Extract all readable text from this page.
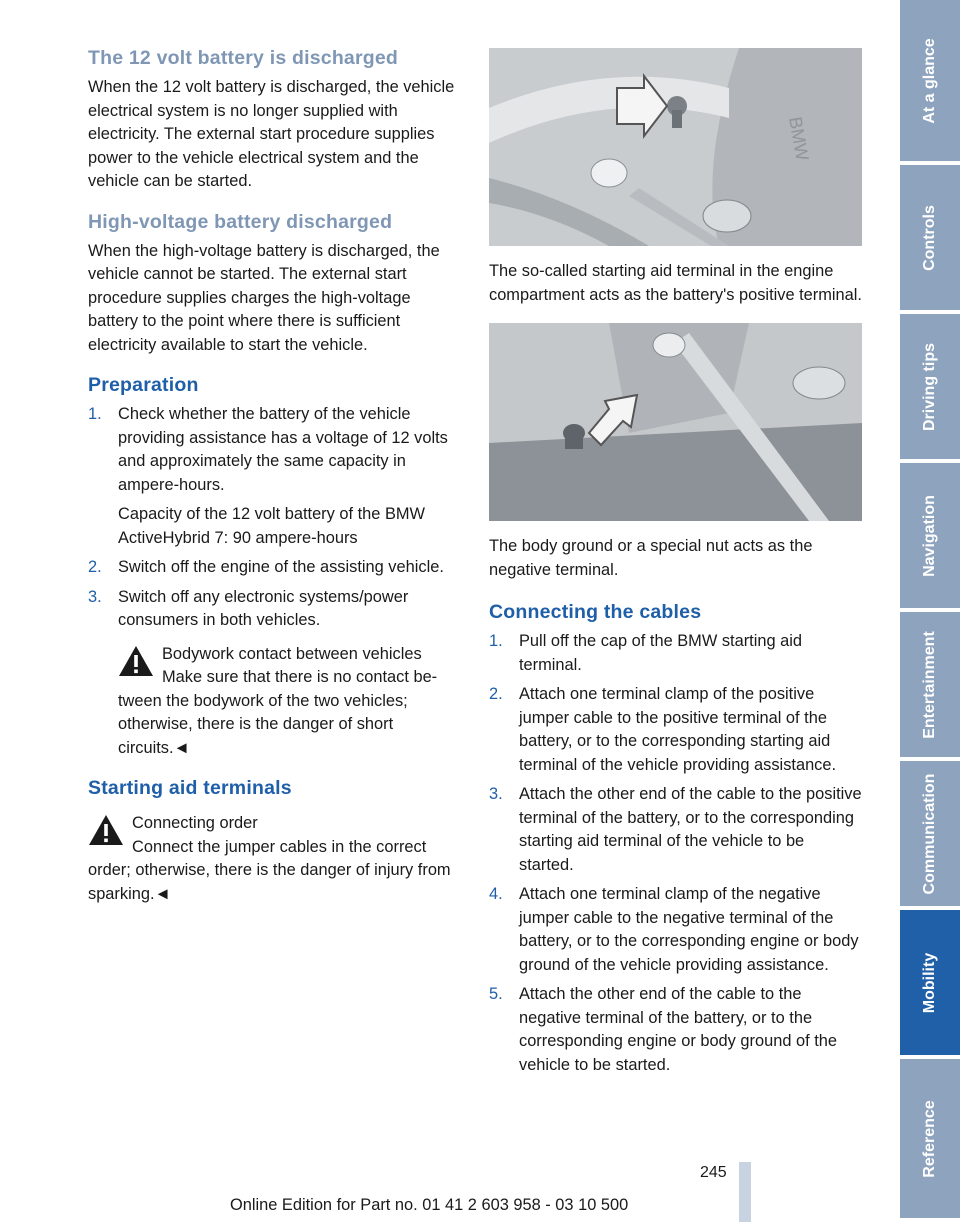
The 12 volt battery is discharged

When the 12 volt battery is discharged, the vehicle electrical system is no longer supplied with electricity. The external start procedure supplies power to the vehicle electrical system and the vehicle can be started.

High-voltage battery discharged

When the high-voltage battery is discharged, the vehicle cannot be started. The external start procedure supplies charges the high-voltage battery to the point where there is sufficient electricity available to start the vehicle.

Preparation
1. Check whether the battery of the vehicle providing assistance has a voltage of 12 volts and approximately the same capacity in ampere-hours.

Capacity of the 12 volt battery of the BMW ActiveHybrid 7: 90 ampere-hours

2. Switch off the engine of the assisting vehicle.

3. Switch off any electronic systems/power consumers in both vehicles.

Bodywork contact between vehicles

Make sure that there is no contact be-

tween the bodywork of the two vehicles; otherwise, there is the danger of short circuits.◄

Starting aid terminals

Connecting order

Connect the jumper cables in the correct

order; otherwise, there is the danger of injury from sparking.◄

BMW

The so-called starting aid terminal in the engine compartment acts as the battery's positive terminal.

The body ground or a special nut acts as the negative terminal.

Connecting the cables
1. Pull off the cap of the BMW starting aid terminal.

2. Attach one terminal clamp of the positive jumper cable to the positive terminal of the battery, or to the corresponding starting aid terminal of the vehicle providing assistance.

3. Attach the other end of the cable to the positive terminal of the battery, or to the corresponding starting aid terminal of the vehicle to be started.

4. Attach one terminal clamp of the negative jumper cable to the negative terminal of the battery, or to the corresponding engine or body ground of the vehicle providing assistance.

5. Attach the other end of the cable to the negative terminal of the battery, or to the corresponding engine or body ground of the vehicle to be started.

At a glance
Controls
Driving tips
Navigation
Entertainment
Communication
Mobility
Reference
245
Online Edition for Part no. 01 41 2 603 958 - 03 10 500
